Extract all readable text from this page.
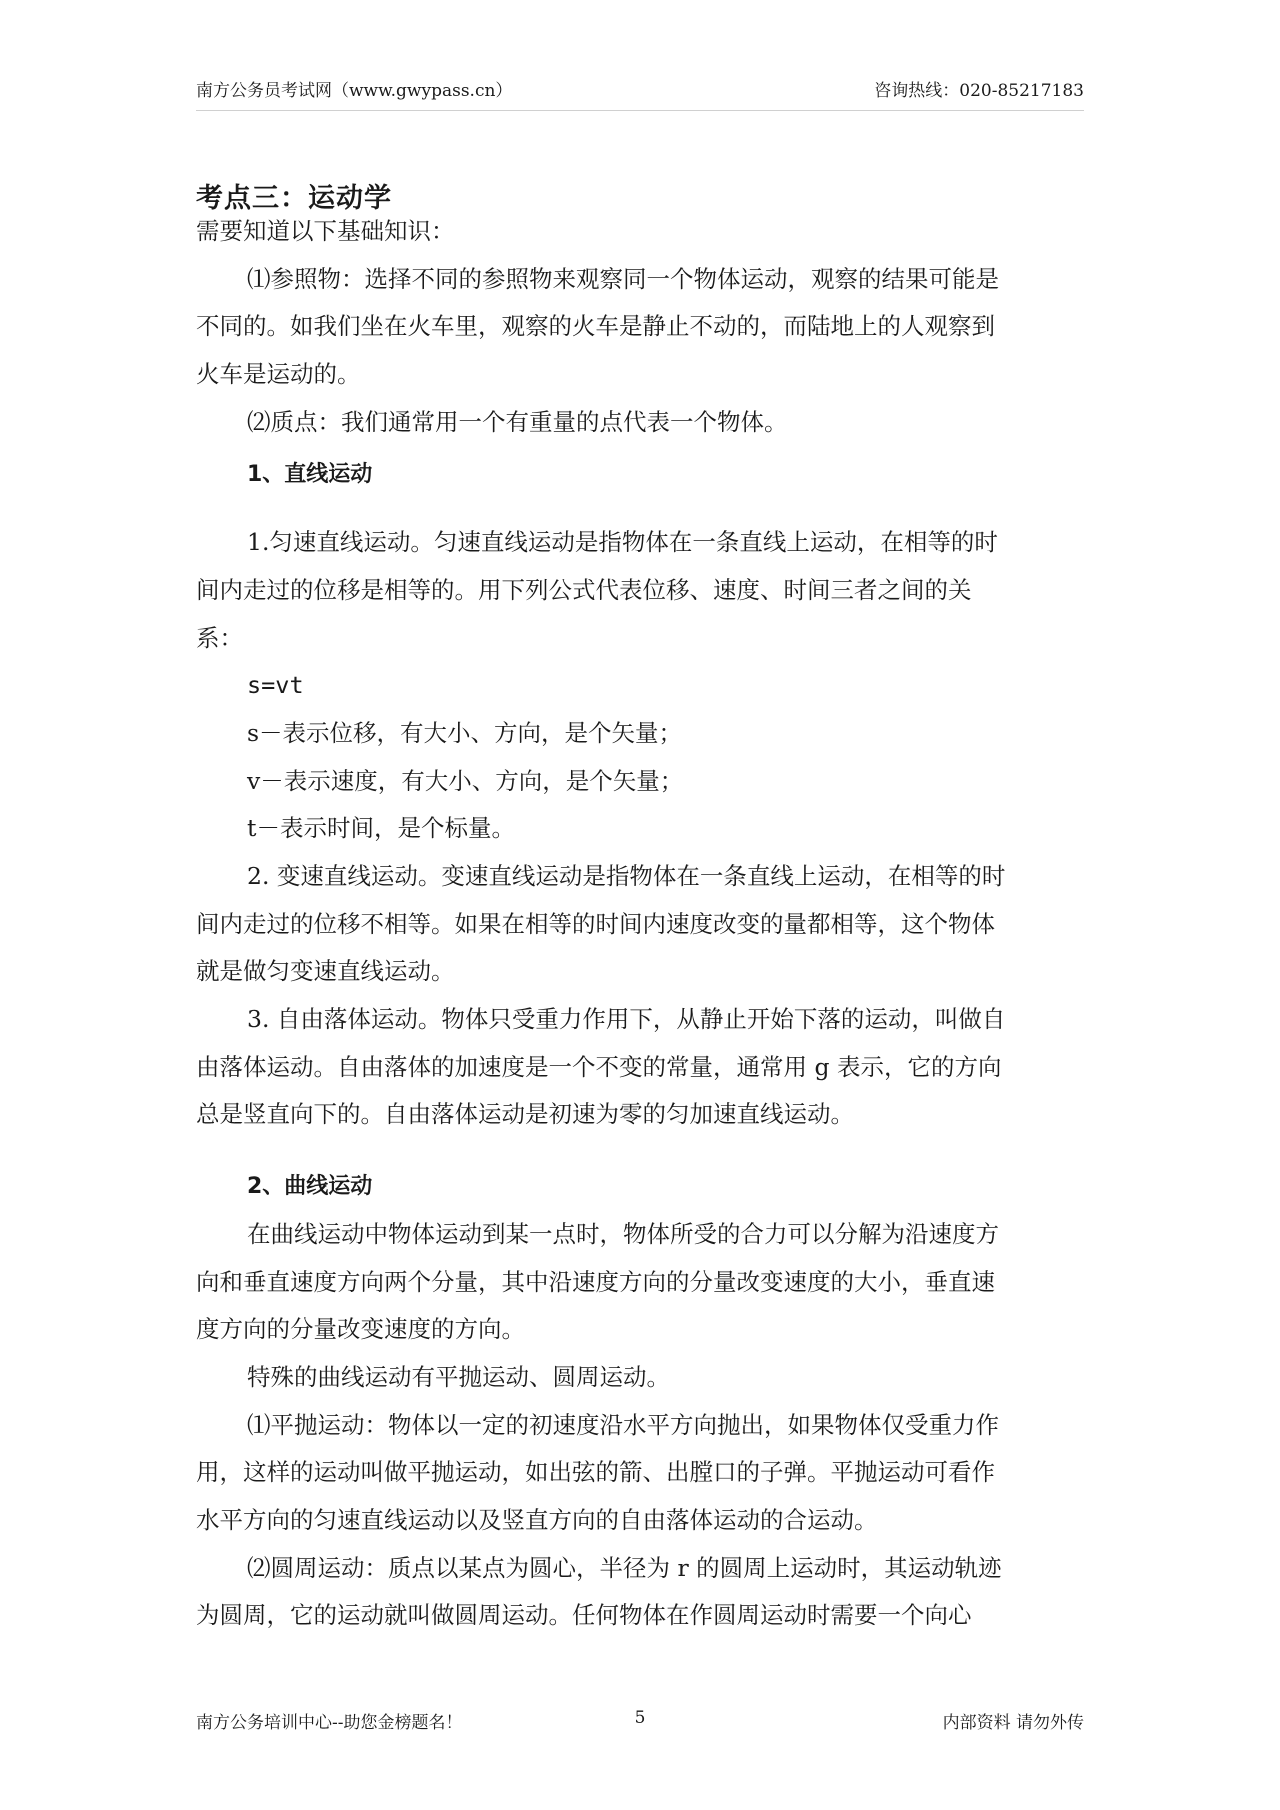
南方公务员考试网（www.gwypass.cn）	咨询热线：020-85217183
考点三：运动学
需要知道以下基础知识：
⑴参照物：选择不同的参照物来观察同一个物体运动，观察的结果可能是
不同的。如我们坐在火车里，观察的火车是静止不动的，而陆地上的人观察到
火车是运动的。
⑵质点：我们通常用一个有重量的点代表一个物体。
1、直线运动
1.匀速直线运动。匀速直线运动是指物体在一条直线上运动，在相等的时
间内走过的位移是相等的。用下列公式代表位移、速度、时间三者之间的关
系：
s=vt
s－表示位移，有大小、方向，是个矢量；
v－表示速度，有大小、方向，是个矢量；
t－表示时间，是个标量。
2. 变速直线运动。变速直线运动是指物体在一条直线上运动，在相等的时
间内走过的位移不相等。如果在相等的时间内速度改变的量都相等，这个物体
就是做匀变速直线运动。
3. 自由落体运动。物体只受重力作用下，从静止开始下落的运动，叫做自
由落体运动。自由落体的加速度是一个不变的常量，通常用 g 表示，它的方向
总是竖直向下的。自由落体运动是初速为零的匀加速直线运动。
2、曲线运动
在曲线运动中物体运动到某一点时，物体所受的合力可以分解为沿速度方
向和垂直速度方向两个分量，其中沿速度方向的分量改变速度的大小，垂直速
度方向的分量改变速度的方向。
特殊的曲线运动有平抛运动、圆周运动。
⑴平抛运动：物体以一定的初速度沿水平方向抛出，如果物体仅受重力作
用，这样的运动叫做平抛运动，如出弦的箭、出膛口的子弹。平抛运动可看作
水平方向的匀速直线运动以及竖直方向的自由落体运动的合运动。
⑵圆周运动：质点以某点为圆心，半径为 r 的圆周上运动时，其运动轨迹
为圆周，它的运动就叫做圆周运动。任何物体在作圆周运动时需要一个向心
南方公务培训中心--助您金榜题名！	5	内部资料 请勿外传
